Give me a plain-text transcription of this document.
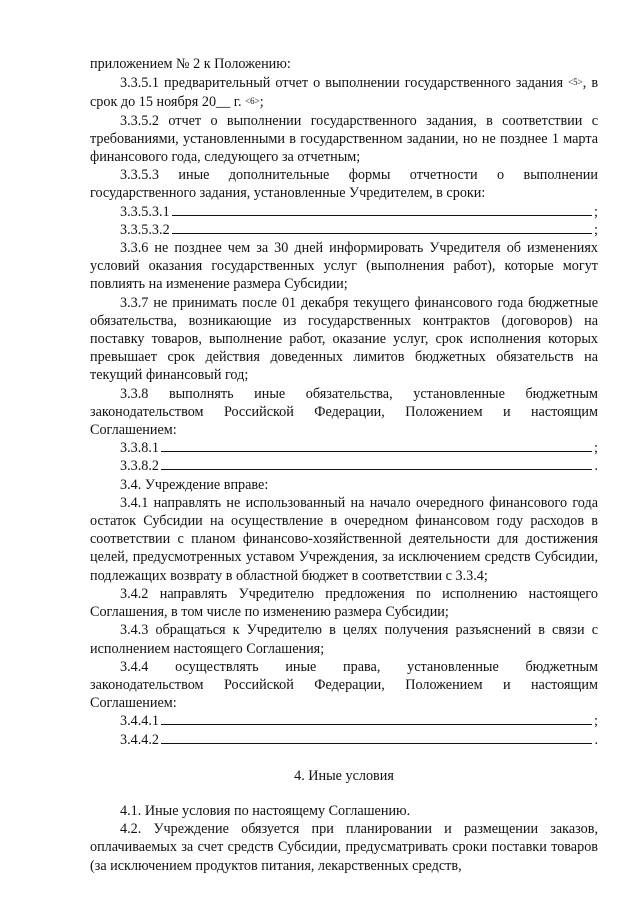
приложением № 2 к Положению:

3.3.5.1 предварительный отчет о выполнении государственного задания $^{<5>}$, в срок до 15 ноября 20__ г. $^{<6>}$;

3.3.5.2 отчет о выполнении государственного задания, в соответствии с требованиями, установленными в государственном задании, но не позднее 1 марта финансового года, следующего за отчетным;

3.3.5.3 иные дополнительные формы отчетности о выполнении государственного задания, установленные Учредителем, в сроки:

3.3.5.3.1	;
3.3.5.3.2	;

3.3.6 не позднее чем за 30 дней информировать Учредителя об изменениях условий оказания государственных услуг (выполнения работ), которые могут повлиять на изменение размера Субсидии;

3.3.7 не принимать после 01 декабря текущего финансового года бюджетные обязательства, возникающие из государственных контрактов (договоров) на поставку товаров, выполнение работ, оказание услуг, срок исполнения которых превышает срок действия доведенных лимитов бюджетных обязательств на текущий финансовый год;

3.3.8 выполнять иные обязательства, установленные бюджетным законодательством Российской Федерации, Положением и настоящим Соглашением:

3.3.8.1	;
3.3.8.2	.

3.4. Учреждение вправе:

3.4.1 направлять не использованный на начало очередного финансового года остаток Субсидии на осуществление в очередном финансовом году расходов в соответствии с планом финансово-хозяйственной деятельности для достижения целей, предусмотренных уставом Учреждения, за исключением средств Субсидии, подлежащих возврату в областной бюджет в соответствии с 3.3.4;

3.4.2 направлять Учредителю предложения по исполнению настоящего Соглашения, в том числе по изменению размера Субсидии;

3.4.3 обращаться к Учредителю в целях получения разъяснений в связи с исполнением настоящего Соглашения;

3.4.4 осуществлять иные права, установленные бюджетным законодательством Российской Федерации, Положением и настоящим Соглашением:

3.4.4.1	;
3.4.4.2	.

4. Иные условия

4.1. Иные условия по настоящему Соглашению.

4.2. Учреждение обязуется при планировании и размещении заказов, оплачиваемых за счет средств Субсидии, предусматривать сроки поставки товаров (за исключением продуктов питания, лекарственных средств,
